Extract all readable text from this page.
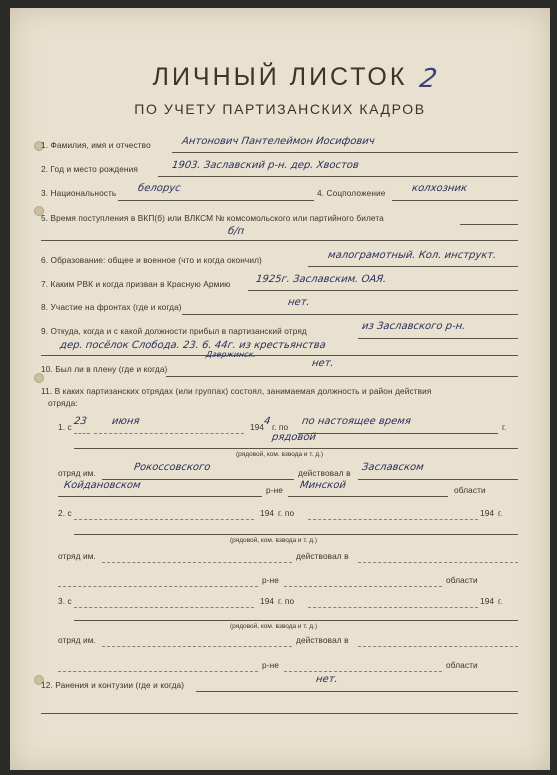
ЛИЧНЫЙ ЛИСТОК 2
ПО УЧЕТУ ПАРТИЗАНСКИХ КАДРОВ
1. Фамилия, имя и отчество	Антонович Пантелеймон Иосифович
2. Год и место рождения	1903. Заславский р-н. дер. Хвостов
3. Национальность белорус	4. Соцположение	колхозник
5. Время поступления в ВКП(б) или ВЛКСМ № комсомольского или партийного билета
б/п
6. Образование: общее и военное (что и когда окончил)	малограмотный. Кол. инструкт.
7. Каким РВК и когда призван в Красную Армию 1925г. Заславским. ОАЯ.
8. Участие на фронтах (где и когда)	нет.
9. Откуда, когда и с какой должности прибыл в партизанский отряд	из Заславского р-н.
дер. посёлок Слобода. 23. 6. 44г. из крестьянства
10. Был ли в плену (где и когда)	нет.
Дзержинск.
11. В каких партизанских отрядах (или группах) состоял, занимаемая должность и район действия
отряда:
1. с 23 июня	194 4 г. по по настоящее время	г.
рядовой
(рядовой, ком. взвода и т. д.)
отряд им.	Рокоссовского	действовал в Заславском
Койдановском	р-не Минской	области
2. с	194 г. по	194 г.
(рядовой, ком. взвода и т. д.)
отряд им.	действовал в
р-не	области
3. с	194 г. по	194 г.
(рядовой, ком. взвода и т. д.)
отряд им.	действовал в
р-не	области
12. Ранения и контузии (где и когда)	нет.
